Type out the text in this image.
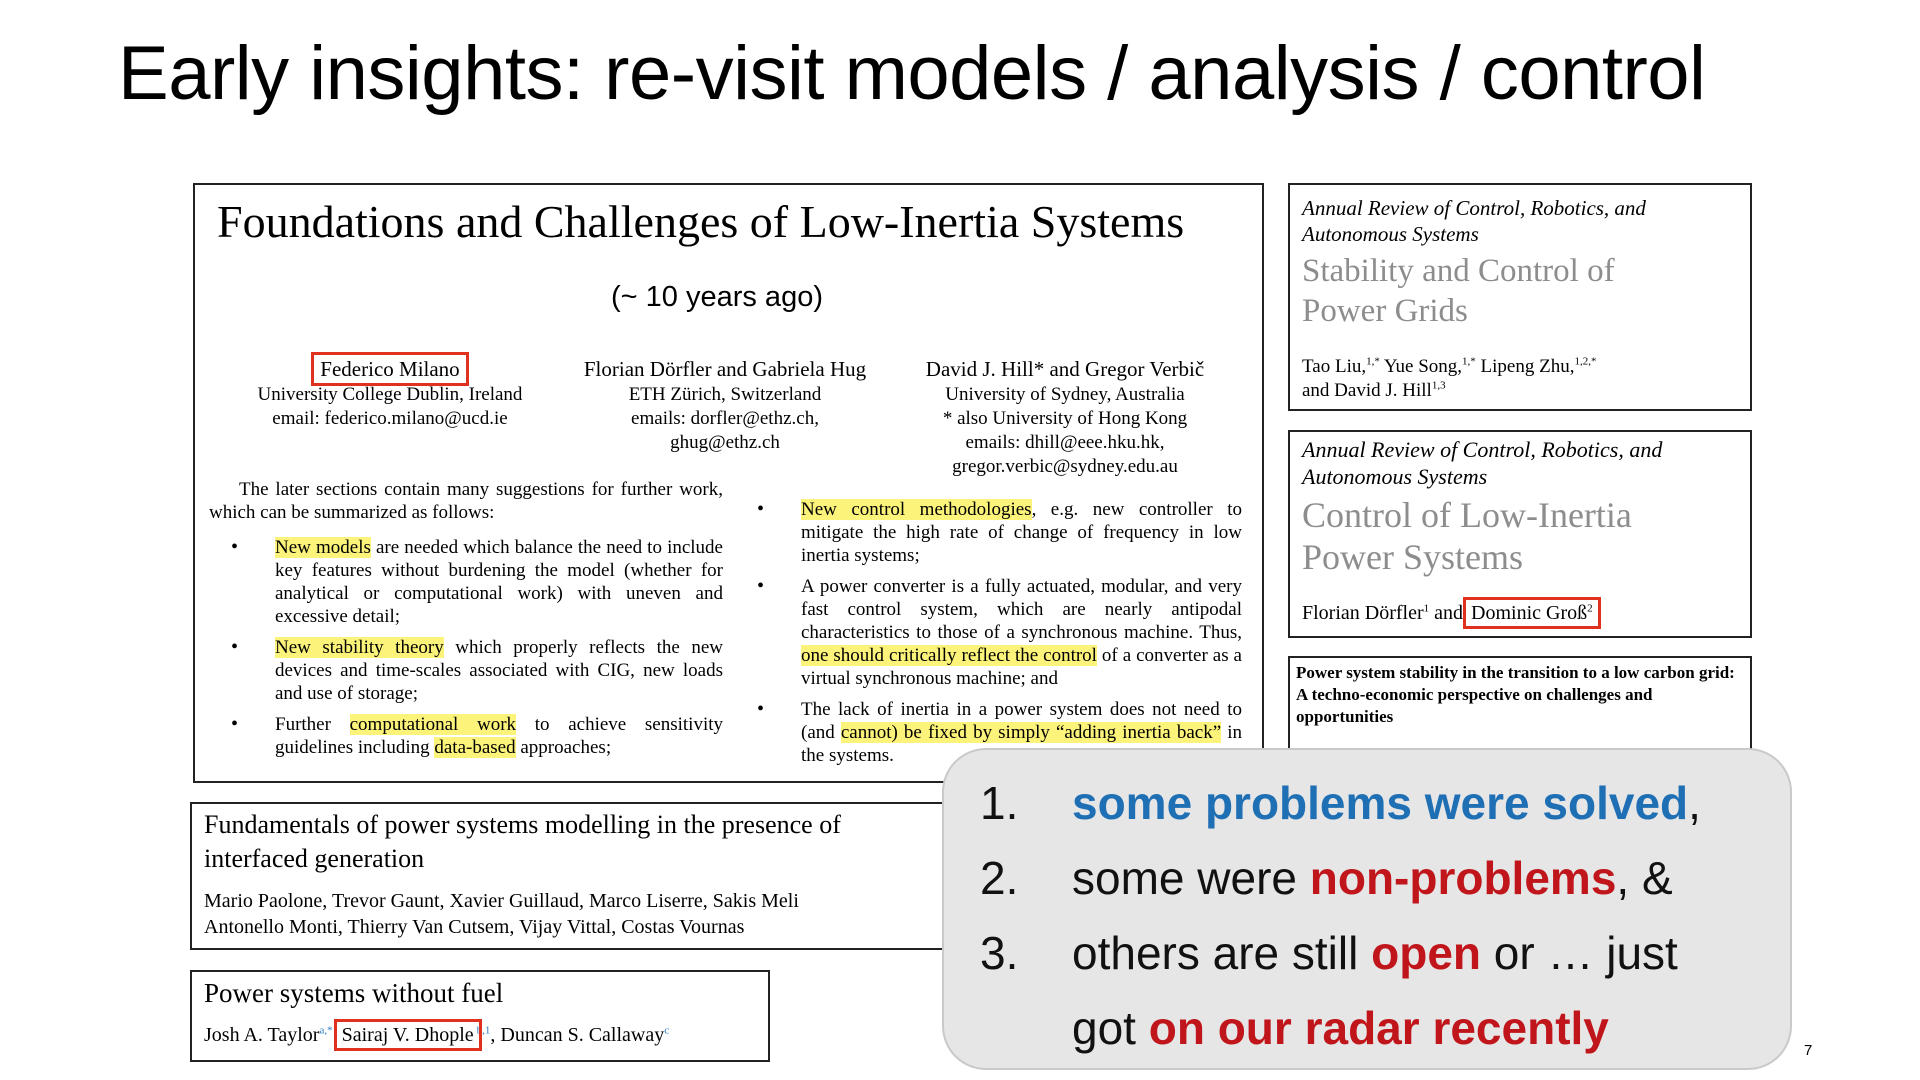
Early insights: re-visit models / analysis / control
Foundations and Challenges of Low-Inertia Systems
(~ 10 years ago)
Federico Milano
University College Dublin, Ireland
email: federico.milano@ucd.ie
Florian Dörfler and Gabriela Hug
ETH Zürich, Switzerland
emails: dorfler@ethz.ch,
ghug@ethz.ch
David J. Hill* and Gregor Verbič
University of Sydney, Australia
* also University of Hong Kong
emails: dhill@eee.hku.hk,
gregor.verbic@sydney.edu.au
The later sections contain many suggestions for further work, which can be summarized as follows:
• New models are needed which balance the need to include key features without burdening the model (whether for analytical or computational work) with uneven and excessive detail;
• New stability theory which properly reflects the new devices and time-scales associated with CIG, new loads and use of storage;
• Further computational work to achieve sensitivity guidelines including data-based approaches;
• New control methodologies, e.g. new controller to mitigate the high rate of change of frequency in low inertia systems;
• A power converter is a fully actuated, modular, and very fast control system, which are nearly antipodal characteristics to those of a synchronous machine. Thus, one should critically reflect the control of a converter as a virtual synchronous machine; and
• The lack of inertia in a power system does not need to (and cannot) be fixed by simply “adding inertia back” in the systems.
Annual Review of Control, Robotics, and Autonomous Systems
Stability and Control of
Power Grids
Tao Liu,$^{1,*}$ Yue Song,$^{1,*}$ Lipeng Zhu,$^{1,2,*}$
and David J. Hill$^{1,3}$
Annual Review of Control, Robotics, and Autonomous Systems
Control of Low-Inertia
Power Systems
Florian Dörfler$^1$ and Dominic Groß$^2$
Power system stability in the transition to a low carbon grid: A techno-economic perspective on challenges and opportunities
Fundamentals of power systems modelling in the presence of
interfaced generation
Mario Paolone, Trevor Gaunt, Xavier Guillaud, Marco Liserre, Sakis Meli
Antonello Monti, Thierry Van Cutsem, Vijay Vittal, Costas Vournas
Power systems without fuel
Josh A. Taylor$^{a,*}$ Sairaj V. Dhople $^{b,1}$, Duncan S. Callaway$^c$
1. some problems were solved,
2. some were non-problems, &
3. others are still open or … just
got on our radar recently	7
